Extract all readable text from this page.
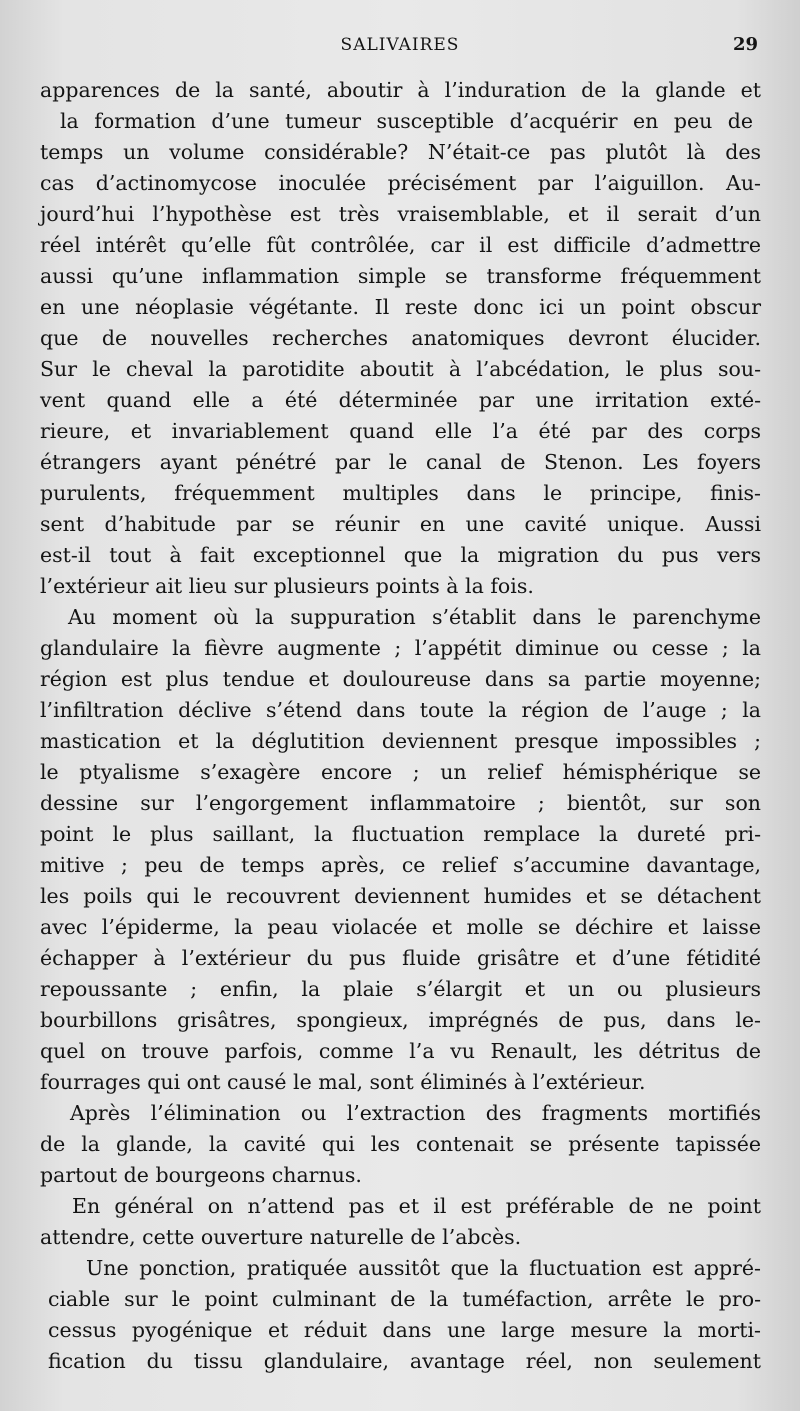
SALIVAIRES	29
apparences de la santé, aboutir à l’induration de la glande et
la formation d’une tumeur susceptible d’acquérir en peu de
temps un volume considérable? N’était-ce pas plutôt là des
cas d’actinomycose inoculée précisément par l’aiguillon. Au-
jourd’hui l’hypothèse est très vraisemblable, et il serait d’un
réel intérêt qu’elle fût contrôlée, car il est difficile d’admettre
aussi qu’une inflammation simple se transforme fréquemment
en une néoplasie végétante. Il reste donc ici un point obscur
que de nouvelles recherches anatomiques devront élucider.
Sur le cheval la parotidite aboutit à l’abcédation, le plus sou-
vent quand elle a été déterminée par une irritation exté-
rieure, et invariablement quand elle l’a été par des corps
étrangers ayant pénétré par le canal de Stenon. Les foyers
purulents, fréquemment multiples dans le principe, finis-
sent d’habitude par se réunir en une cavité unique. Aussi
est-il tout à fait exceptionnel que la migration du pus vers
l’extérieur ait lieu sur plusieurs points à la fois.
Au moment où la suppuration s’établit dans le parenchyme
glandulaire la fièvre augmente ; l’appétit diminue ou cesse ; la
région est plus tendue et douloureuse dans sa partie moyenne;
l’infiltration déclive s’étend dans toute la région de l’auge ; la
mastication et la déglutition deviennent presque impossibles ;
le ptyalisme s’exagère encore ; un relief hémisphérique se
dessine sur l’engorgement inflammatoire ; bientôt, sur son
point le plus saillant, la fluctuation remplace la dureté pri-
mitive ; peu de temps après, ce relief s’accumine davantage,
les poils qui le recouvrent deviennent humides et se détachent
avec l’épiderme, la peau violacée et molle se déchire et laisse
échapper à l’extérieur du pus fluide grisâtre et d’une fétidité
repoussante ; enfin, la plaie s’élargit et un ou plusieurs
bourbillons grisâtres, spongieux, imprégnés de pus, dans le-
quel on trouve parfois, comme l’a vu Renault, les détritus de
fourrages qui ont causé le mal, sont éliminés à l’extérieur.
Après l’élimination ou l’extraction des fragments mortifiés
de la glande, la cavité qui les contenait se présente tapissée
partout de bourgeons charnus.
En général on n’attend pas et il est préférable de ne point
attendre, cette ouverture naturelle de l’abcès.
Une ponction, pratiquée aussitôt que la fluctuation est appré-
ciable sur le point culminant de la tuméfaction, arrête le pro-
cessus pyogénique et réduit dans une large mesure la morti-
fication du tissu glandulaire, avantage réel, non seulement
